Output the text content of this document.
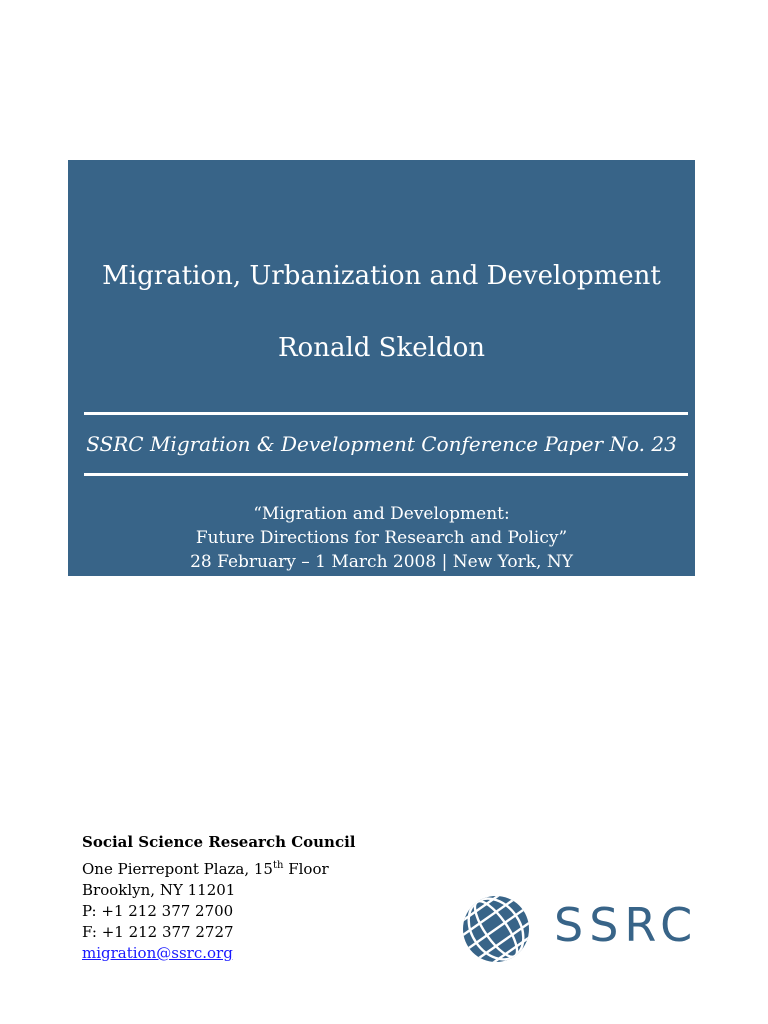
Migration, Urbanization and Development
Ronald Skeldon
SSRC Migration & Development Conference Paper No. 23
“Migration and Development:
Future Directions for Research and Policy”
28 February – 1 March 2008 | New York, NY
Social Science Research Council
One Pierrepont Plaza, 15th Floor
Brooklyn, NY 11201
P: +1 212 377 2700
F: +1 212 377 2727
migration@ssrc.org
SSRC
